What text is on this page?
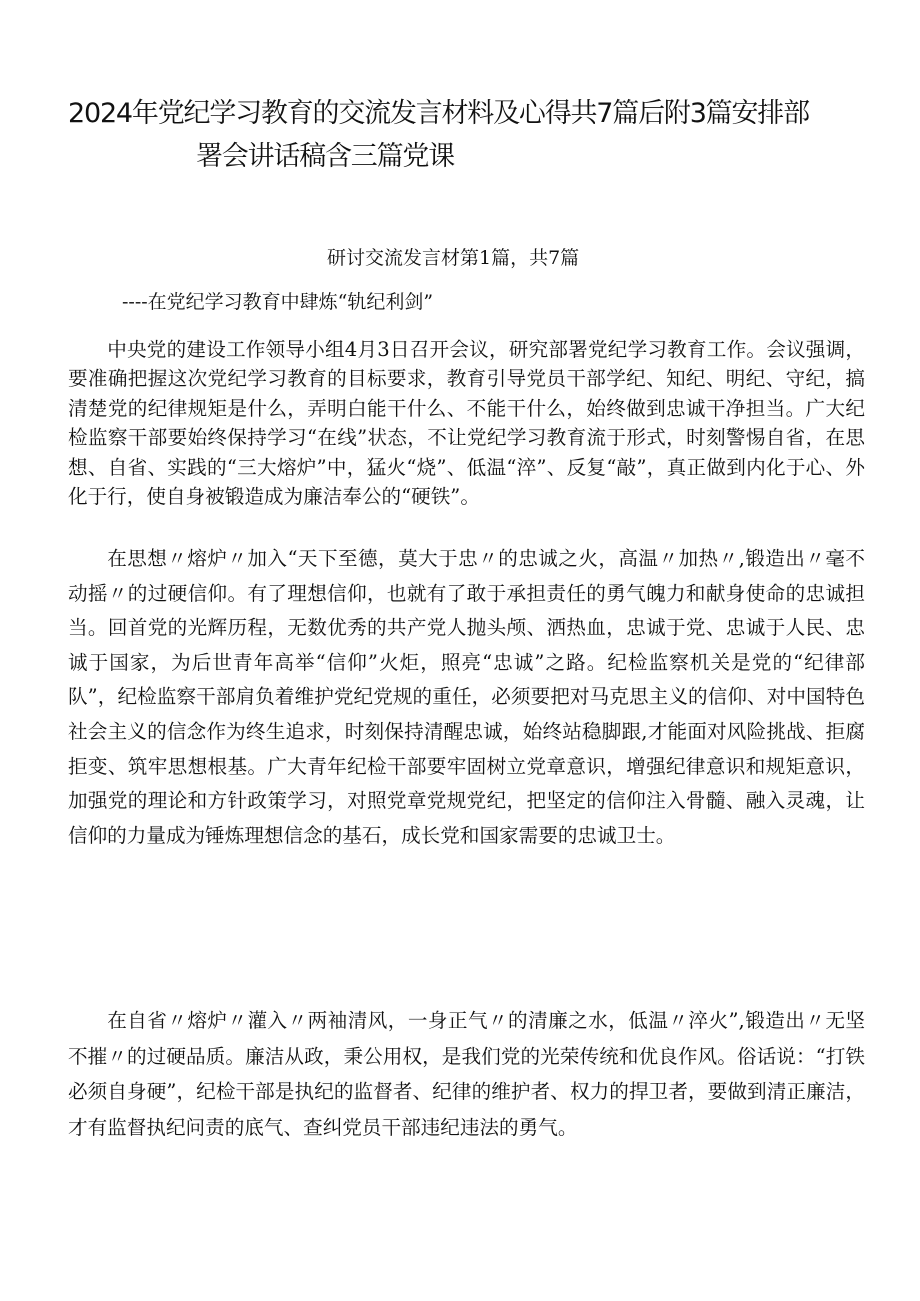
2024年党纪学习教育的交流发言材料及心得共7篇后附3篇安排部
署会讲话稿含三篇党课
研讨交流发言材第1篇，共7篇
----在党纪学习教育中肆炼“轨纪利剑”

中央党的建设工作领导小组4月3日召开会议，研究部署党纪学习教育工作。会议强调，要准确把握这次党纪学习教育的目标要求，教育引导党员干部学纪、知纪、明纪、守纪，搞清楚党的纪律规矩是什么，弄明白能干什么、不能干什么，始终做到忠诚干净担当。广大纪检监察干部要始终保持学习“在线”状态，不让党纪学习教育流于形式，时刻警惕自省，在思想、自省、实践的“三大熔炉”中，猛火“烧”、低温“淬”、反复“敲”，真正做到内化于心、外化于行，使自身被锻造成为廉洁奉公的“硬铁”。

在思想〃熔炉〃加入“天下至德，莫大于忠〃的忠诚之火，高温〃加热〃,锻造出〃毫不动摇〃的过硬信仰。有了理想信仰，也就有了敢于承担责任的勇气魄力和献身使命的忠诚担当。回首党的光辉历程，无数优秀的共产党人抛头颅、洒热血，忠诚于党、忠诚于人民、忠诚于国家，为后世青年高举“信仰”火炬，照亮“忠诚”之路。纪检监察机关是党的“纪律部队”，纪检监察干部肩负着维护党纪党规的重任，必须要把对马克思主义的信仰、对中国特色社会主义的信念作为终生追求，时刻保持清醒忠诚，始终站稳脚跟,才能面对风险挑战、拒腐拒变、筑牢思想根基。广大青年纪检干部要牢固树立党章意识，增强纪律意识和规矩意识，加强党的理论和方针政策学习，对照党章党规党纪，把坚定的信仰注入骨髓、融入灵魂，让信仰的力量成为锤炼理想信念的基石，成长党和国家需要的忠诚卫士。

在自省〃熔炉〃灌入〃两袖清风，一身正气〃的清廉之水，低温〃淬火”,锻造出〃无坚不摧〃的过硬品质。廉洁从政，秉公用权，是我们党的光荣传统和优良作风。俗话说：“打铁必须自身硬”，纪检干部是执纪的监督者、纪律的维护者、权力的捍卫者，要做到清正廉洁，才有监督执纪问责的底气、查纠党员干部违纪违法的勇气。
